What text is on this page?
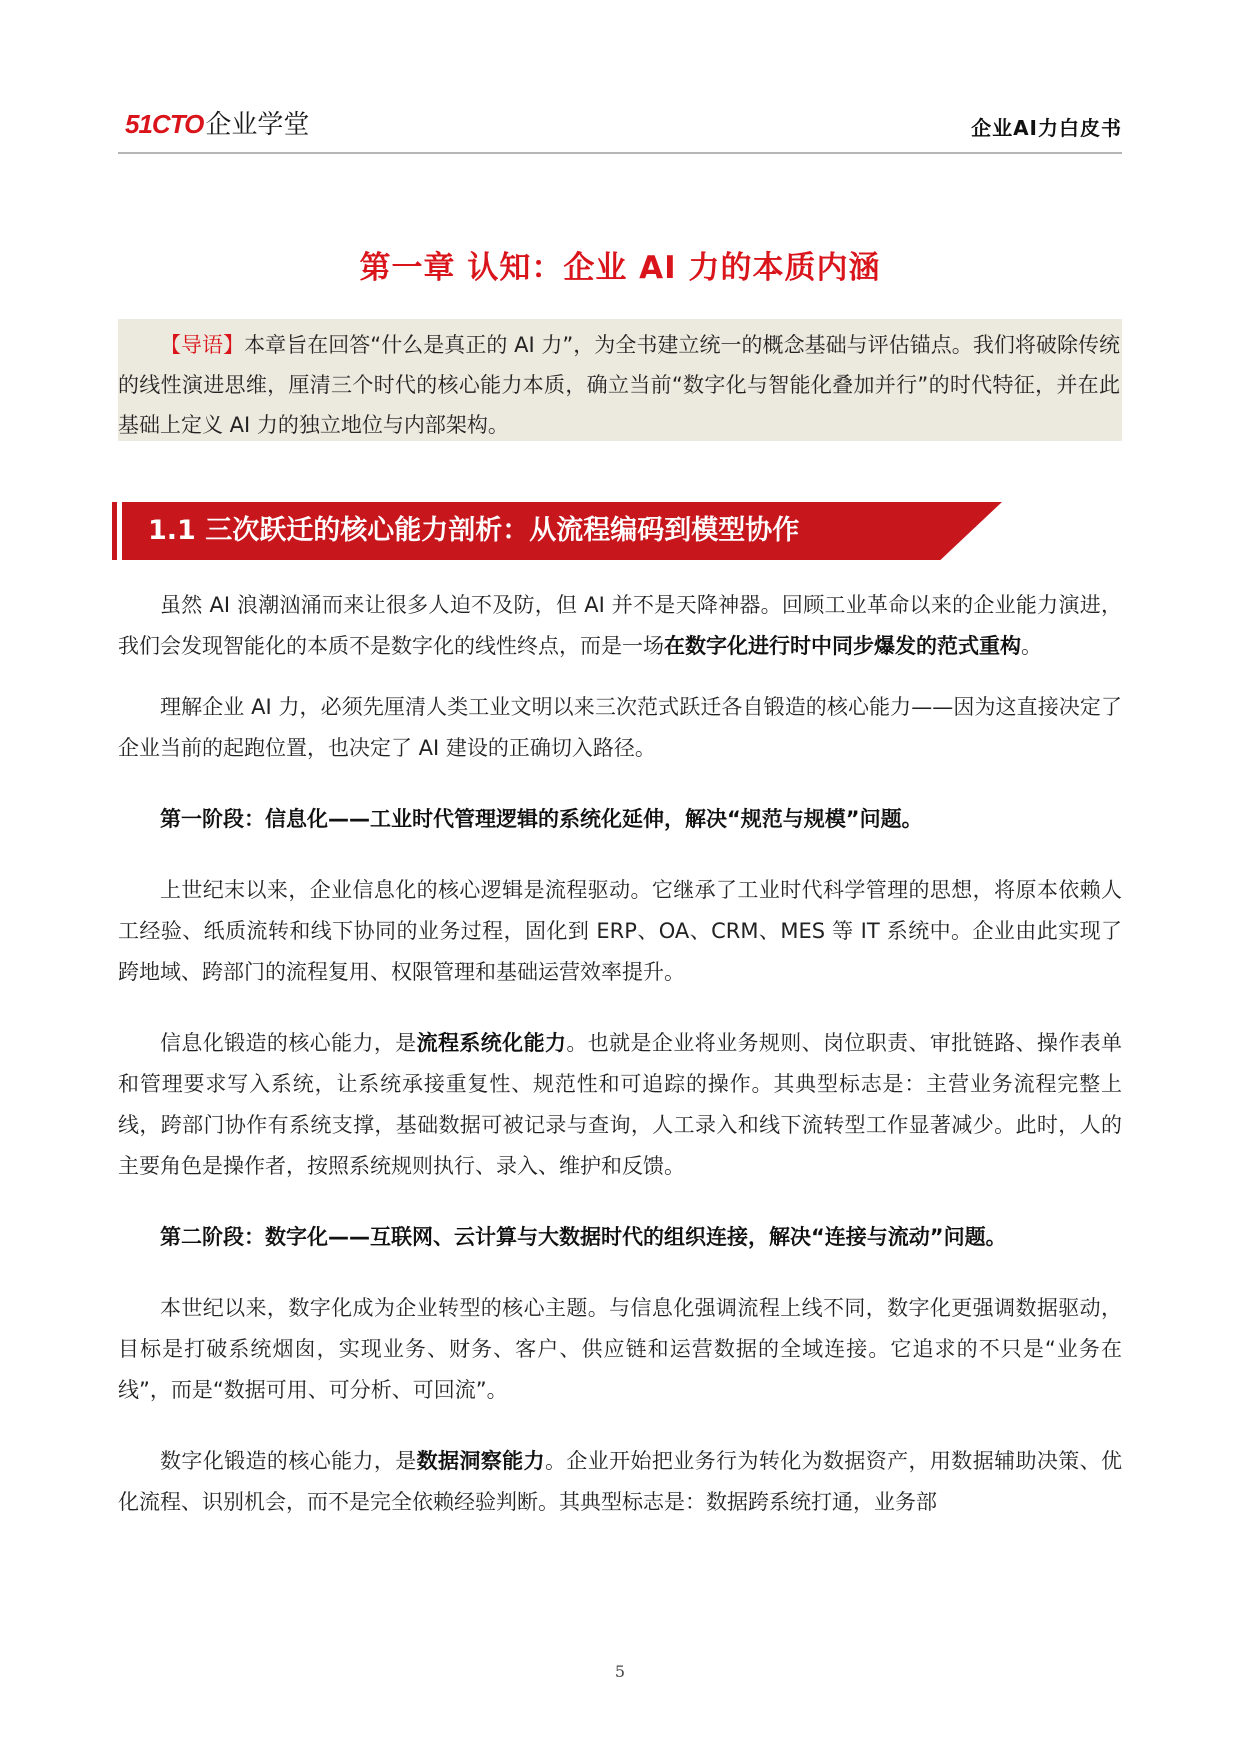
51CTO企业学堂	企业AI力白皮书
第一章 认知：企业 AI 力的本质内涵

【导语】本章旨在回答“什么是真正的 AI 力”，为全书建立统一的概念基础与评估锚点。我们将破除传统的线性演进思维，厘清三个时代的核心能力本质，确立当前“数字化与智能化叠加并行”的时代特征，并在此基础上定义 AI 力的独立地位与内部架构。

1.1 三次跃迁的核心能力剖析：从流程编码到模型协作

虽然 AI 浪潮汹涌而来让很多人迫不及防，但 AI 并不是天降神器。回顾工业革命以来的企业能力演进，我们会发现智能化的本质不是数字化的线性终点，而是一场在数字化进行时中同步爆发的范式重构。

理解企业 AI 力，必须先厘清人类工业文明以来三次范式跃迁各自锻造的核心能力——因为这直接决定了企业当前的起跑位置，也决定了 AI 建设的正确切入路径。

第一阶段：信息化——工业时代管理逻辑的系统化延伸，解决“规范与规模”问题。

上世纪末以来，企业信息化的核心逻辑是流程驱动。它继承了工业时代科学管理的思想，将原本依赖人工经验、纸质流转和线下协同的业务过程，固化到 ERP、OA、CRM、MES 等 IT 系统中。企业由此实现了跨地域、跨部门的流程复用、权限管理和基础运营效率提升。

信息化锻造的核心能力，是流程系统化能力。也就是企业将业务规则、岗位职责、审批链路、操作表单和管理要求写入系统，让系统承接重复性、规范性和可追踪的操作。其典型标志是：主营业务流程完整上线，跨部门协作有系统支撑，基础数据可被记录与查询，人工录入和线下流转型工作显著减少。此时，人的主要角色是操作者，按照系统规则执行、录入、维护和反馈。

第二阶段：数字化——互联网、云计算与大数据时代的组织连接，解决“连接与流动”问题。

本世纪以来，数字化成为企业转型的核心主题。与信息化强调流程上线不同，数字化更强调数据驱动，目标是打破系统烟囱，实现业务、财务、客户、供应链和运营数据的全域连接。它追求的不只是“业务在线”，而是“数据可用、可分析、可回流”。

数字化锻造的核心能力，是数据洞察能力。企业开始把业务行为转化为数据资产，用数据辅助决策、优化流程、识别机会，而不是完全依赖经验判断。其典型标志是：数据跨系统打通，业务部

5
